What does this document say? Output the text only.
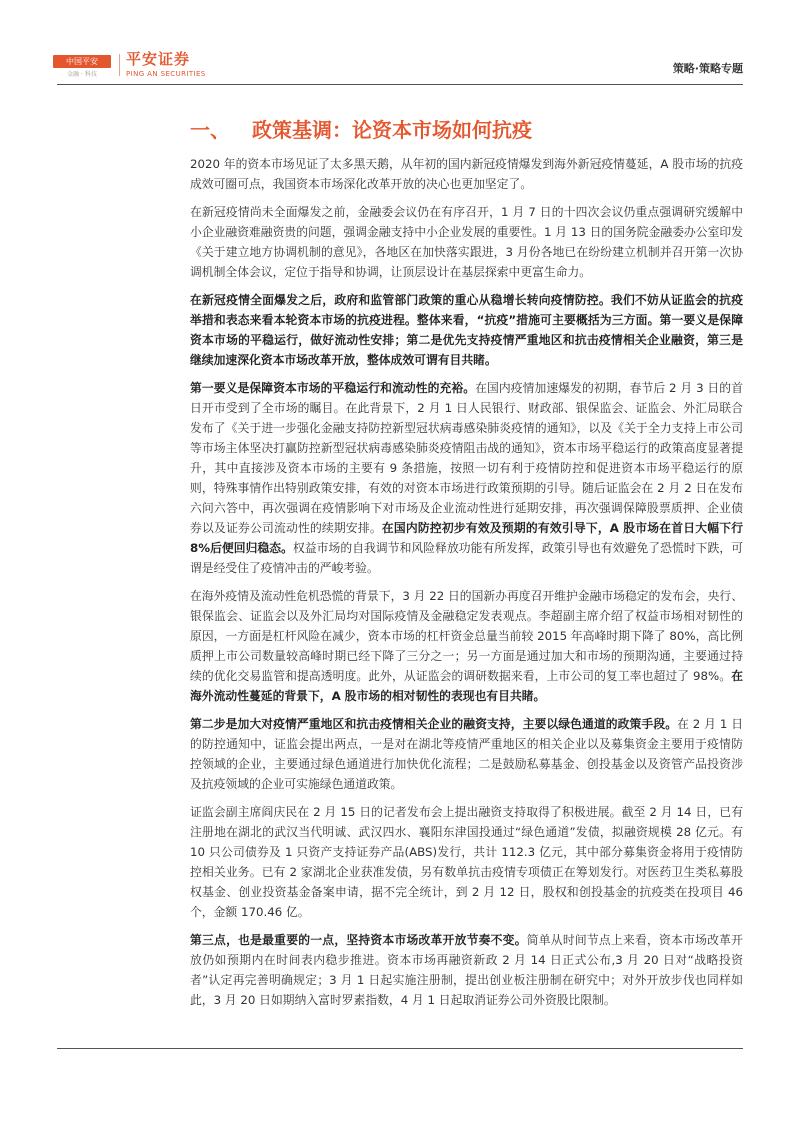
中国平安
金融 · 科技
平安证券
PING AN SECURITIES	策略·策略专题
一、 政策基调：论资本市场如何抗疫

2020 年的资本市场见证了太多黑天鹅，从年初的国内新冠疫情爆发到海外新冠疫情蔓延，A 股市场的抗疫成效可圈可点，我国资本市场深化改革开放的决心也更加坚定了。

在新冠疫情尚未全面爆发之前，金融委会议仍在有序召开，1 月 7 日的十四次会议仍重点强调研究缓解中小企业融资难融资贵的问题，强调金融支持中小企业发展的重要性。1 月 13 日的国务院金融委办公室印发《关于建立地方协调机制的意见》，各地区在加快落实跟进，3 月份各地已在纷纷建立机制并召开第一次协调机制全体会议，定位于指导和协调，让顶层设计在基层探索中更富生命力。

在新冠疫情全面爆发之后，政府和监管部门政策的重心从稳增长转向疫情防控。我们不妨从证监会的抗疫举措和表态来看本轮资本市场的抗疫进程。整体来看，“抗疫”措施可主要概括为三方面。第一要义是保障资本市场的平稳运行，做好流动性安排；第二是优先支持疫情严重地区和抗击疫情相关企业融资，第三是继续加速深化资本市场改革开放，整体成效可谓有目共睹。

第一要义是保障资本市场的平稳运行和流动性的充裕。在国内疫情加速爆发的初期，春节后 2 月 3 日的首日开市受到了全市场的瞩目。在此背景下，2 月 1 日人民银行、财政部、银保监会、证监会、外汇局联合发布了《关于进一步强化金融支持防控新型冠状病毒感染肺炎疫情的通知》，以及《关于全力支持上市公司等市场主体坚决打赢防控新型冠状病毒感染肺炎疫情阻击战的通知》，资本市场平稳运行的政策高度显著提升，其中直接涉及资本市场的主要有 9 条措施，按照一切有利于疫情防控和促进资本市场平稳运行的原则，特殊事情作出特别政策安排，有效的对资本市场进行政策预期的引导。随后证监会在 2 月 2 日在发布六问六答中，再次强调在疫情影响下对市场及企业流动性进行延期安排，再次强调保障股票质押、企业债券以及证券公司流动性的续期安排。在国内防控初步有效及预期的有效引导下，A 股市场在首日大幅下行 8%后便回归稳态。权益市场的自我调节和风险释放功能有所发挥，政策引导也有效避免了恐慌时下跌，可谓是经受住了疫情冲击的严峻考验。

在海外疫情及流动性危机恐慌的背景下，3 月 22 日的国新办再度召开维护金融市场稳定的发布会，央行、银保监会、证监会以及外汇局均对国际疫情及金融稳定发表观点。李超副主席介绍了权益市场相对韧性的原因，一方面是杠杆风险在减少，资本市场的杠杆资金总量当前较 2015 年高峰时期下降了 80%，高比例质押上市公司数量较高峰时期已经下降了三分之一；另一方面是通过加大和市场的预期沟通，主要通过持续的优化交易监管和提高透明度。此外，从证监会的调研数据来看，上市公司的复工率也超过了 98%。在海外流动性蔓延的背景下，A 股市场的相对韧性的表现也有目共睹。

第二步是加大对疫情严重地区和抗击疫情相关企业的融资支持，主要以绿色通道的政策手段。在 2 月 1 日的防控通知中，证监会提出两点，一是对在湖北等疫情严重地区的相关企业以及募集资金主要用于疫情防控领域的企业，主要通过绿色通道进行加快优化流程；二是鼓励私募基金、创投基金以及资管产品投资涉及抗疫领域的企业可实施绿色通道政策。

证监会副主席阎庆民在 2 月 15 日的记者发布会上提出融资支持取得了积极进展。截至 2 月 14 日，已有注册地在湖北的武汉当代明诚、武汉四水、襄阳东津国投通过“绿色通道”发债，拟融资规模 28 亿元。有 10 只公司债券及 1 只资产支持证券产品(ABS)发行，共计 112.3 亿元，其中部分募集资金将用于疫情防控相关业务。已有 2 家湖北企业获准发债，另有数单抗击疫情专项债正在筹划发行。对医药卫生类私募股权基金、创业投资基金备案申请，据不完全统计，到 2 月 12 日，股权和创投基金的抗疫类在投项目 46 个，金额 170.46 亿。

第三点，也是最重要的一点，坚持资本市场改革开放节奏不变。简单从时间节点上来看，资本市场改革开放仍如预期内在时间表内稳步推进。资本市场再融资新政 2 月 14 日正式公布,3 月 20 日对“战略投资者”认定再完善明确规定；3 月 1 日起实施注册制，提出创业板注册制在研究中；对外开放步伐也同样如此，3 月 20 日如期纳入富时罗素指数，4 月 1 日起取消证券公司外资股比限制。
